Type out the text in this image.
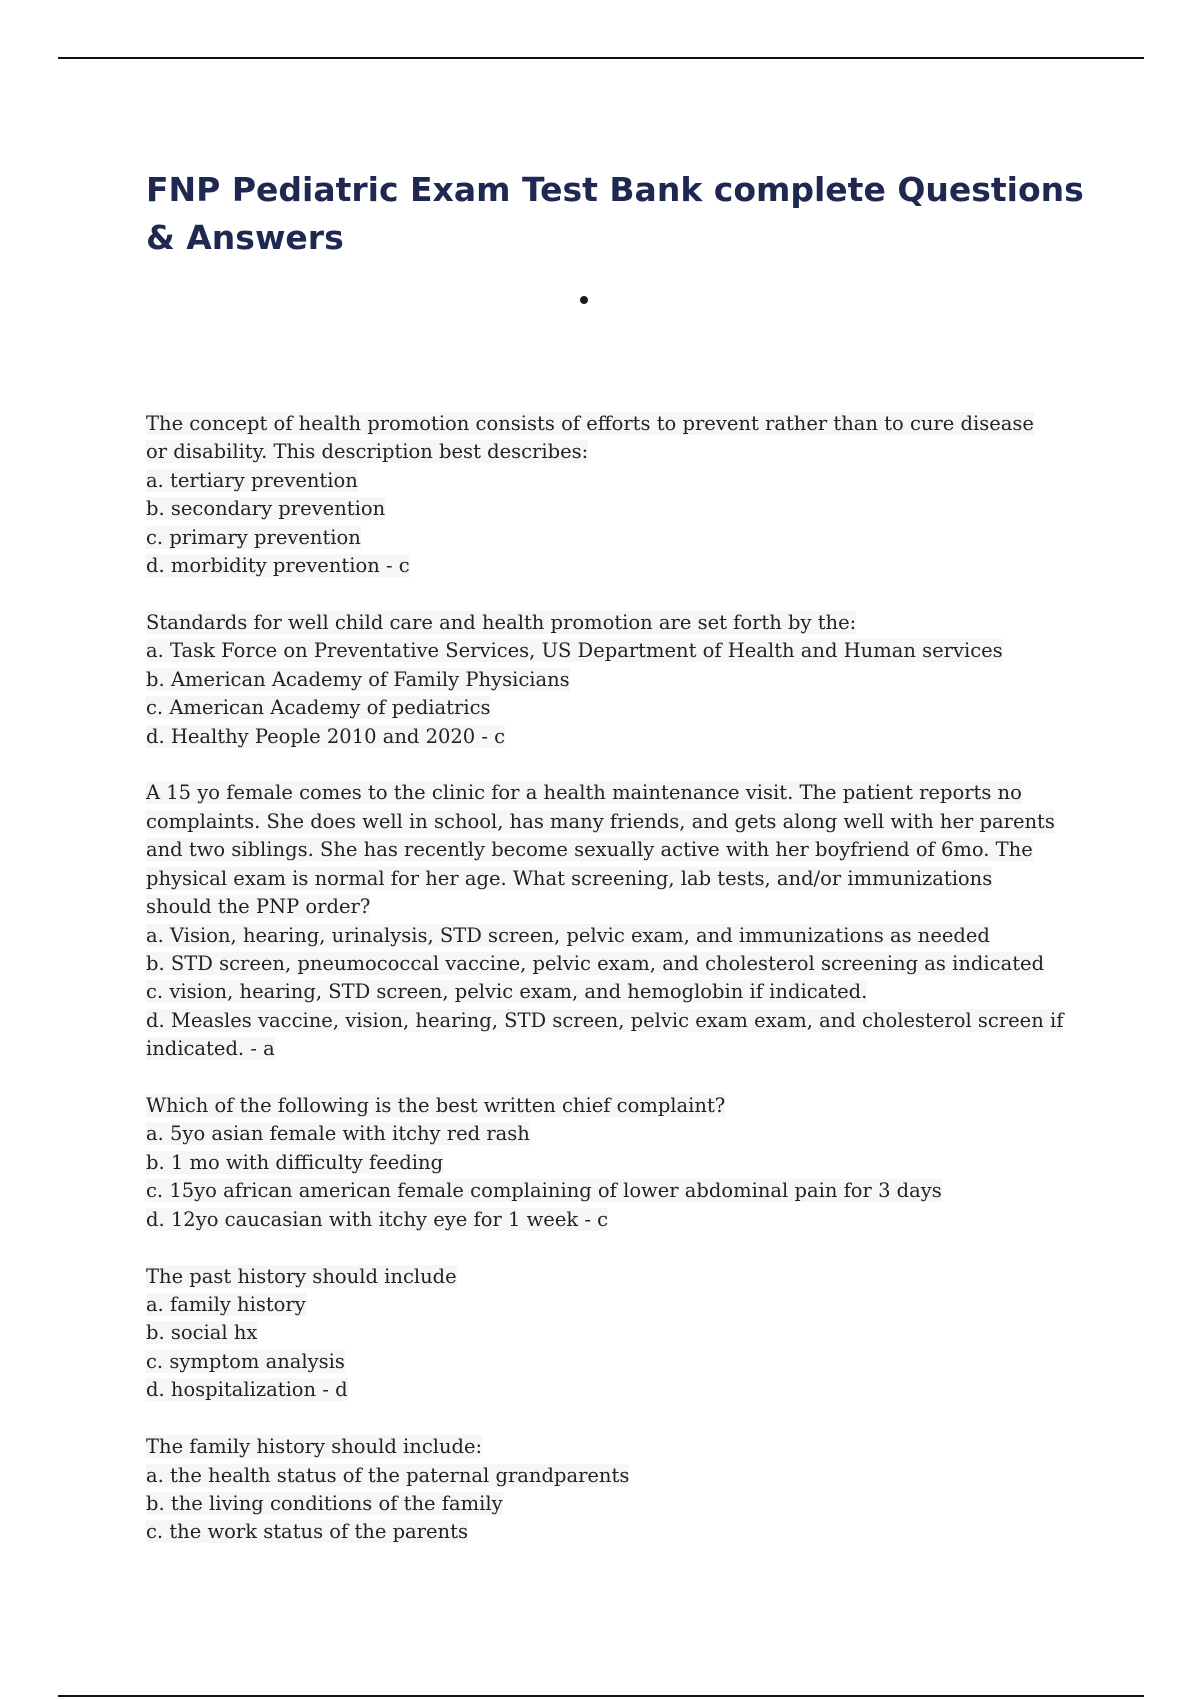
FNP Pediatric Exam Test Bank complete Questions & Answers
The concept of health promotion consists of efforts to prevent rather than to cure disease
or disability. This description best describes:
a. tertiary prevention
b. secondary prevention
c. primary prevention
d. morbidity prevention - c
Standards for well child care and health promotion are set forth by the:
a. Task Force on Preventative Services, US Department of Health and Human services
b. American Academy of Family Physicians
c. American Academy of pediatrics
d. Healthy People 2010 and 2020 - c
A 15 yo female comes to the clinic for a health maintenance visit. The patient reports no
complaints. She does well in school, has many friends, and gets along well with her parents
and two siblings. She has recently become sexually active with her boyfriend of 6mo. The
physical exam is normal for her age. What screening, lab tests, and/or immunizations
should the PNP order?
a. Vision, hearing, urinalysis, STD screen, pelvic exam, and immunizations as needed
b. STD screen, pneumococcal vaccine, pelvic exam, and cholesterol screening as indicated
c. vision, hearing, STD screen, pelvic exam, and hemoglobin if indicated.
d. Measles vaccine, vision, hearing, STD screen, pelvic exam exam, and cholesterol screen if
indicated. - a
Which of the following is the best written chief complaint?
a. 5yo asian female with itchy red rash
b. 1 mo with difficulty feeding
c. 15yo african american female complaining of lower abdominal pain for 3 days
d. 12yo caucasian with itchy eye for 1 week - c
The past history should include
a. family history
b. social hx
c. symptom analysis
d. hospitalization - d
The family history should include:
a. the health status of the paternal grandparents
b. the living conditions of the family
c. the work status of the parents
